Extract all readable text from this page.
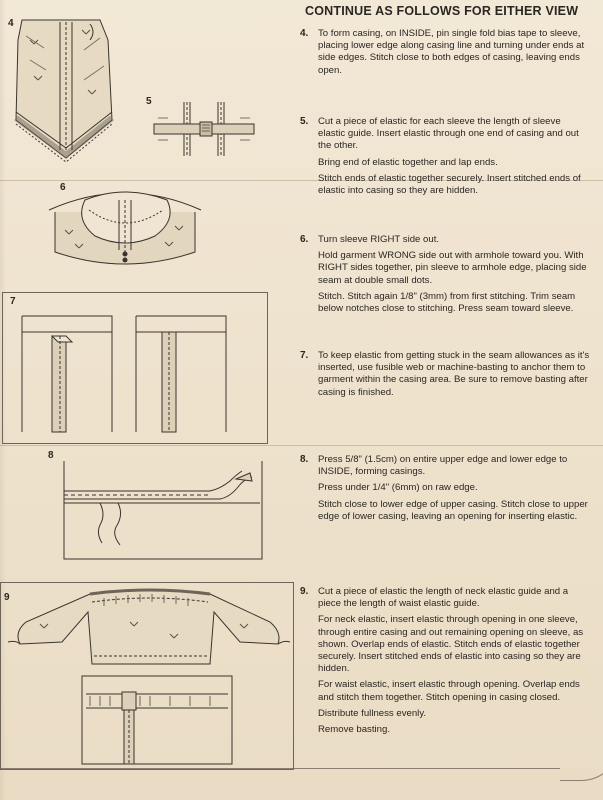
CONTINUE AS FOLLOWS FOR EITHER VIEW
4.	To form casing, on INSIDE, pin single fold bias tape to sleeve, placing lower edge along casing line and turning under ends at side edges. Stitch close to both edges of casing, leaving ends open.

5.	Cut a piece of elastic for each sleeve the length of sleeve elastic guide. Insert elastic through one end of casing and out the other.

Bring end of elastic together and lap ends.

Stitch ends of elastic together securely. Insert stitched ends of elastic into casing so they are hidden.

6.	Turn sleeve RIGHT side out.

Hold garment WRONG side out with armhole toward you. With RIGHT sides together, pin sleeve to armhole edge, placing side seam at double small dots.

Stitch. Stitch again 1/8" (3mm) from first stitching. Trim seam below notches close to stitching. Press seam toward sleeve.

7.	To keep elastic from getting stuck in the seam allowances as it's inserted, use fusible web or machine-basting to anchor them to garment within the casing area. Be sure to remove basting after casing is finished.

8.	Press 5/8" (1.5cm) on entire upper edge and lower edge to INSIDE, forming casings.

Press under 1/4" (6mm) on raw edge.

Stitch close to lower edge of upper casing. Stitch close to upper edge of lower casing, leaving an opening for inserting elastic.

9.	Cut a piece of elastic the length of neck elastic guide and a piece the length of waist elastic guide.

For neck elastic, insert elastic through opening in one sleeve, through entire casing and out remaining opening on sleeve, as shown. Overlap ends of elastic. Stitch ends of elastic together securely. Insert stitched ends of elastic into casing so they are hidden.

For waist elastic, insert elastic through opening. Overlap ends and stitch them together. Stitch opening in casing closed.

Distribute fullness evenly.

Remove basting.

4
5
6
7
8
9
